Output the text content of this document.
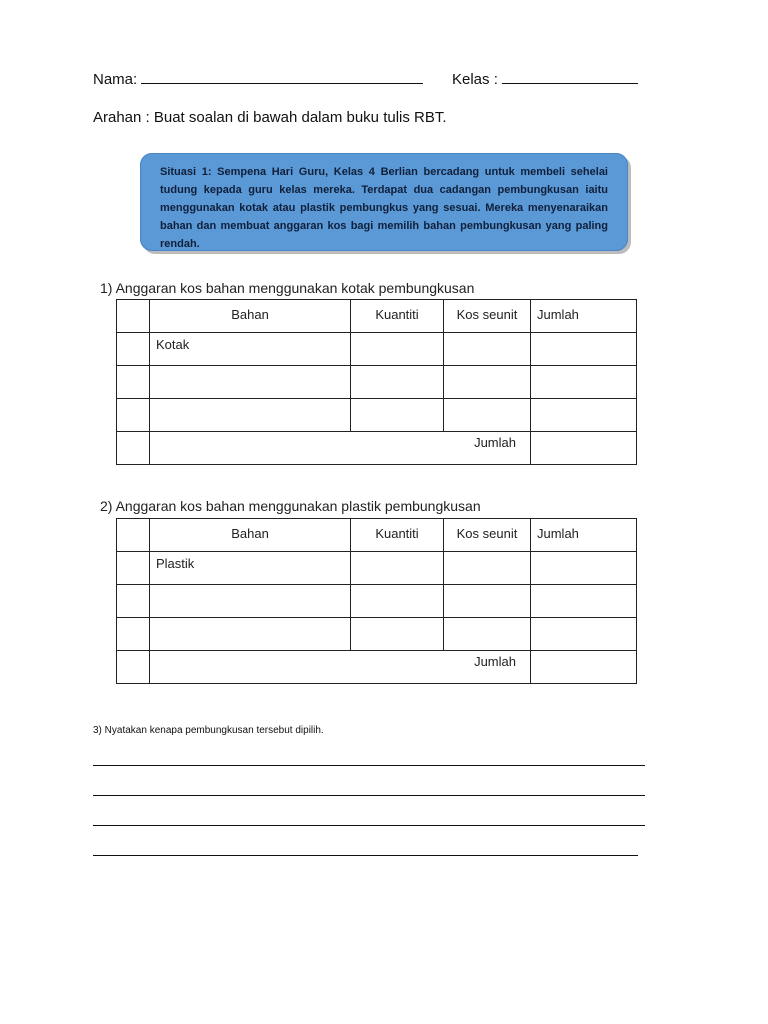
Nama:	Kelas :
Arahan : Buat soalan di bawah dalam buku tulis RBT.
Situasi 1: Sempena Hari Guru, Kelas 4 Berlian bercadang untuk membeli sehelai tudung kepada guru kelas mereka. Terdapat dua cadangan pembungkusan iaitu menggunakan kotak atau plastik pembungkus yang sesuai. Mereka menyenaraikan bahan dan membuat anggaran kos bagi memilih bahan pembungkusan yang paling rendah.
1) Anggaran kos bahan menggunakan kotak pembungkusan
	Bahan	Kuantiti	Kos seunit	Jumlah
	Kotak			

	Jumlah			
2) Anggaran kos bahan menggunakan plastik pembungkusan
	Bahan	Kuantiti	Kos seunit	Jumlah
	Plastik			

	Jumlah			
3) Nyatakan kenapa pembungkusan tersebut dipilih.
